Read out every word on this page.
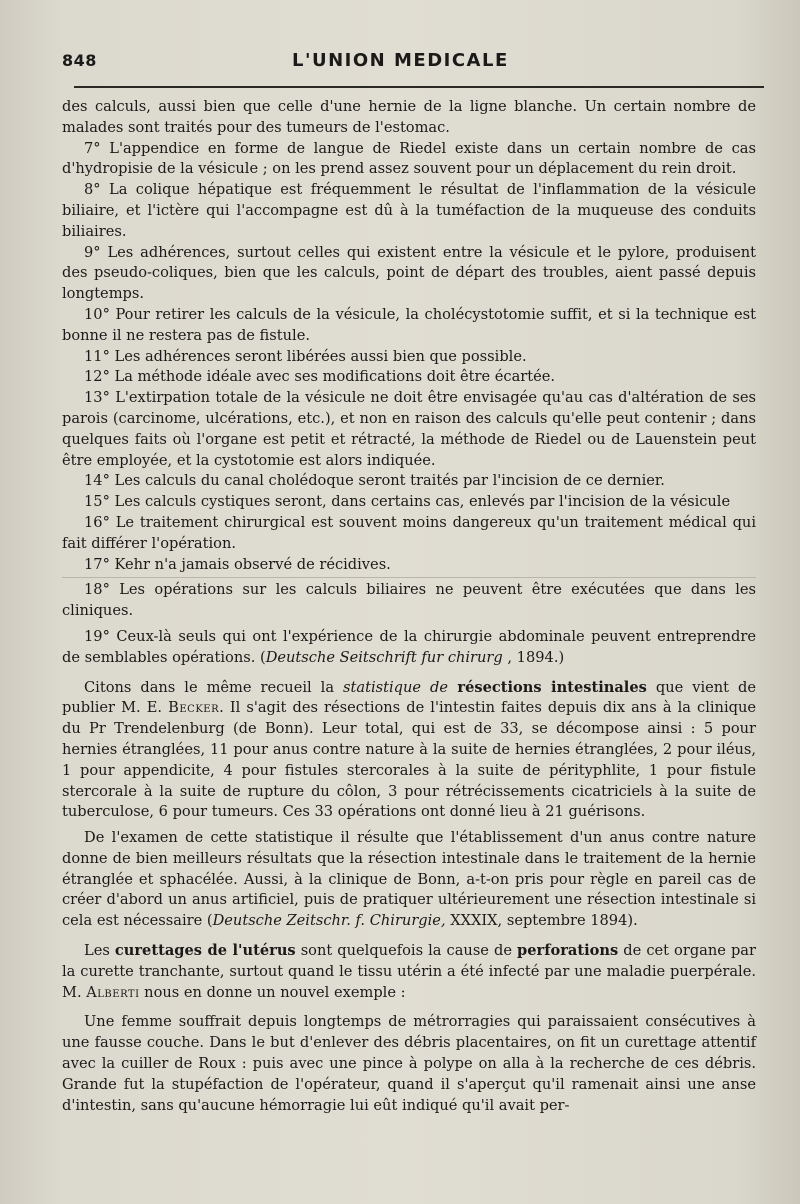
848	L'UNION MEDICALE

des calculs, aussi bien que celle d'une hernie de la ligne blanche. Un certain nombre de malades sont traités pour des tumeurs de l'estomac.

7° L'appendice en forme de langue de Riedel existe dans un certain nombre de cas d'hydropisie de la vésicule ; on les prend assez souvent pour un déplacement du rein droit.

8° La colique hépatique est fréquemment le résultat de l'inflammation de la vésicule biliaire, et l'ictère qui l'accompagne est dû à la tuméfaction de la muqueuse des conduits biliaires.

9° Les adhérences, surtout celles qui existent entre la vésicule et le pylore, produisent des pseudo-coliques, bien que les calculs, point de départ des troubles, aient passé depuis longtemps.

10° Pour retirer les calculs de la vésicule, la cholécystotomie suffit, et si la technique est bonne il ne restera pas de fistule.

11° Les adhérences seront libérées aussi bien que possible.

12° La méthode idéale avec ses modifications doit être écartée.

13° L'extirpation totale de la vésicule ne doit être envisagée qu'au cas d'altération de ses parois (carcinome, ulcérations, etc.), et non en raison des calculs qu'elle peut contenir ; dans quelques faits où l'organe est petit et rétracté, la méthode de Riedel ou de Lauenstein peut être employée, et la cystotomie est alors indiquée.

14° Les calculs du canal cholédoque seront traités par l'incision de ce dernier.

15° Les calculs cystiques seront, dans certains cas, enlevés par l'incision de la vésicule

16° Le traitement chirurgical est souvent moins dangereux qu'un traitement médical qui fait différer l'opération.

17° Kehr n'a jamais observé de récidives.

18° Les opérations sur les calculs biliaires ne peuvent être exécutées que dans les cliniques.

19° Ceux-là seuls qui ont l'expérience de la chirurgie abdominale peuvent entreprendre de semblables opérations. (Deutsche Seitschrift fur chirurg , 1894.)

Citons dans le même recueil la statistique de résections intestinales que vient de publier M. E. Becker. Il s'agit des résections de l'intestin faites depuis dix ans à la clinique du Pr Trendelenburg (de Bonn). Leur total, qui est de 33, se décompose ainsi : 5 pour hernies étranglées, 11 pour anus contre nature à la suite de hernies étranglées, 2 pour iléus, 1 pour appendicite, 4 pour fistules stercorales à la suite de pérityphlite, 1 pour fistule stercorale à la suite de rupture du côlon, 3 pour rétrécissements cicatriciels à la suite de tuberculose, 6 pour tumeurs. Ces 33 opérations ont donné lieu à 21 guérisons.

De l'examen de cette statistique il résulte que l'établissement d'un anus contre nature donne de bien meilleurs résultats que la résection intestinale dans le traitement de la hernie étranglée et sphacélée. Aussi, à la clinique de Bonn, a-t-on pris pour règle en pareil cas de créer d'abord un anus artificiel, puis de pratiquer ultérieurement une résection intestinale si cela est nécessaire (Deutsche Zeitschr. f. Chirurgie, XXXIX, septembre 1894).

Les curettages de l'utérus sont quelquefois la cause de perforations de cet organe par la curette tranchante, surtout quand le tissu utérin a été infecté par une maladie puerpérale. M. Alberti nous en donne un nouvel exemple :

Une femme souffrait depuis longtemps de métrorragies qui paraissaient consécutives à une fausse couche. Dans le but d'enlever des débris placentaires, on fit un curettage attentif avec la cuiller de Roux : puis avec une pince à polype on alla à la recherche de ces débris. Grande fut la stupéfaction de l'opérateur, quand il s'aperçut qu'il ramenait ainsi une anse d'intestin, sans qu'aucune hémorragie lui eût indiqué qu'il avait per-
